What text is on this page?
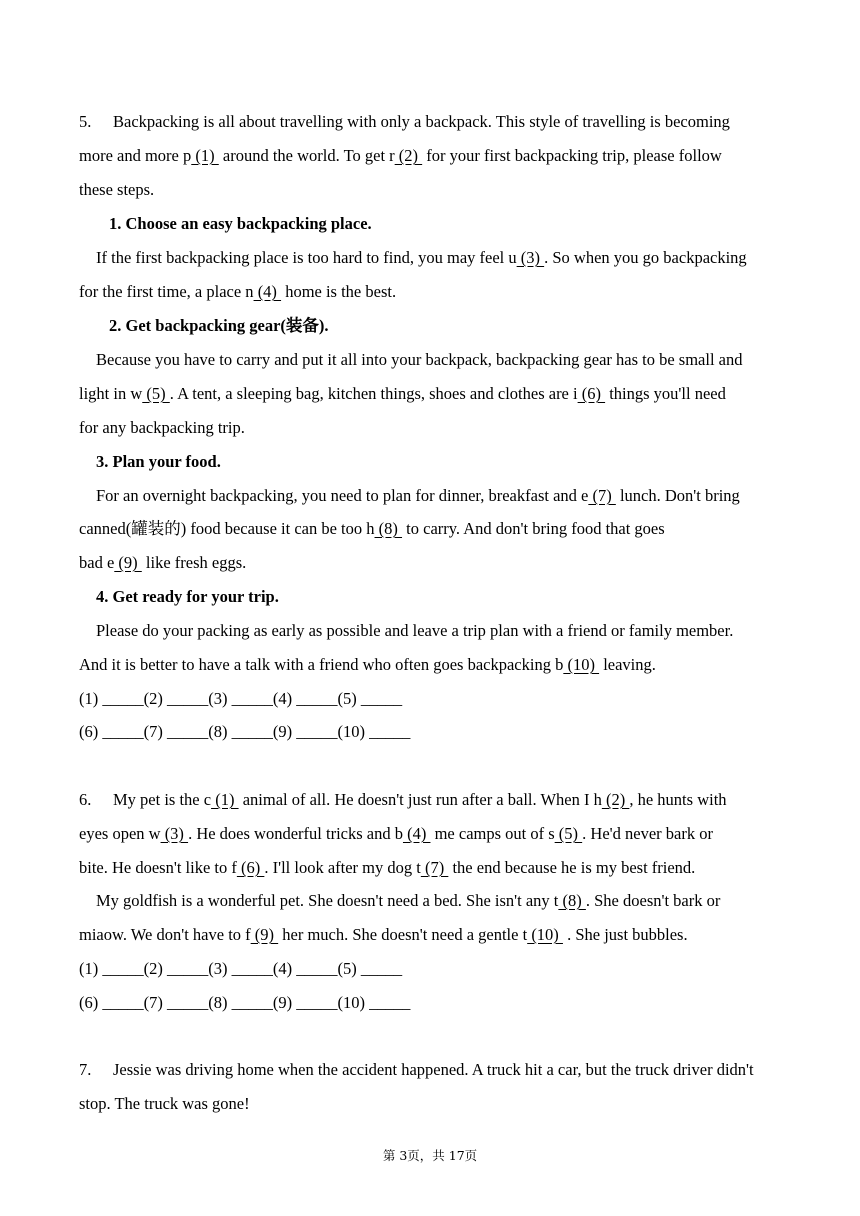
5. Backpacking is all about travelling with only a backpack. This style of travelling is becoming
more and more p (1)  around the world. To get r (2)  for your first backpacking trip, please follow
these steps.
1. Choose an easy backpacking place.
If the first backpacking place is too hard to find, you may feel u (3) . So when you go backpacking
for the first time, a place n (4)  home is the best.
2. Get backpacking gear(装备).
Because you have to carry and put it all into your backpack, backpacking gear has to be small and
light in w (5) . A tent, a sleeping bag, kitchen things, shoes and clothes are i (6)  things you'll need
for any backpacking trip.
3. Plan your food.
For an overnight backpacking, you need to plan for dinner, breakfast and e (7)  lunch. Don't bring
canned(罐装的) food because it can be too h (8)  to carry. And don't bring food that goes
bad e (9)  like fresh eggs.
4. Get ready for your trip.
Please do your packing as early as possible and leave a trip plan with a friend or family member.
And it is better to have a talk with a friend who often goes backpacking b (10)  leaving.
(1) _____(2) _____(3) _____(4) _____(5) _____
(6) _____(7) _____(8) _____(9) _____(10) _____
6. My pet is the c (1)  animal of all. He doesn't just run after a ball. When I h (2) , he hunts with
eyes open w (3) . He does wonderful tricks and b (4)  me camps out of s (5) . He'd never bark or
bite. He doesn't like to f (6) . I'll look after my dog t (7)  the end because he is my best friend.
My goldfish is a wonderful pet. She doesn't need a bed. She isn't any t (8) . She doesn't bark or
miaow. We don't have to f (9)  her much. She doesn't need a gentle t (10)  . She just bubbles.
(1) _____(2) _____(3) _____(4) _____(5) _____
(6) _____(7) _____(8) _____(9) _____(10) _____
7. Jessie was driving home when the accident happened. A truck hit a car, but the truck driver didn't
stop. The truck was gone!
第 3页，共 17页
